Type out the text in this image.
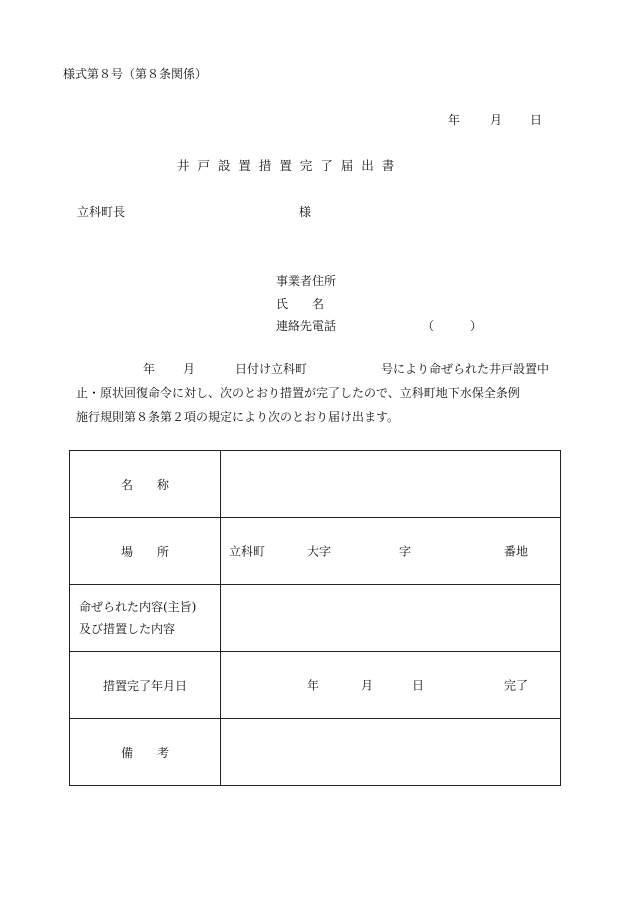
様式第８号（第８条関係）
年 月 日
井 戸 設 置 措 置 完 了 届 出 書
立科町長	様
事業者住所
氏　　名
連絡先電話	（　　　）
年 月	日付け立科町	号により命ぜられた井戸設置中
止・原状回復命令に対し、次のとおり措置が完了したので、立科町地下水保全条例
施行規則第８条第２項の規定により次のとおり届け出ます。
名　　称	
場　　所	立科町 大字 字 番地

命ぜられた内容(主旨)
及び措置した内容	

措置完了年月日	年 月 日 完了

備　　考	
